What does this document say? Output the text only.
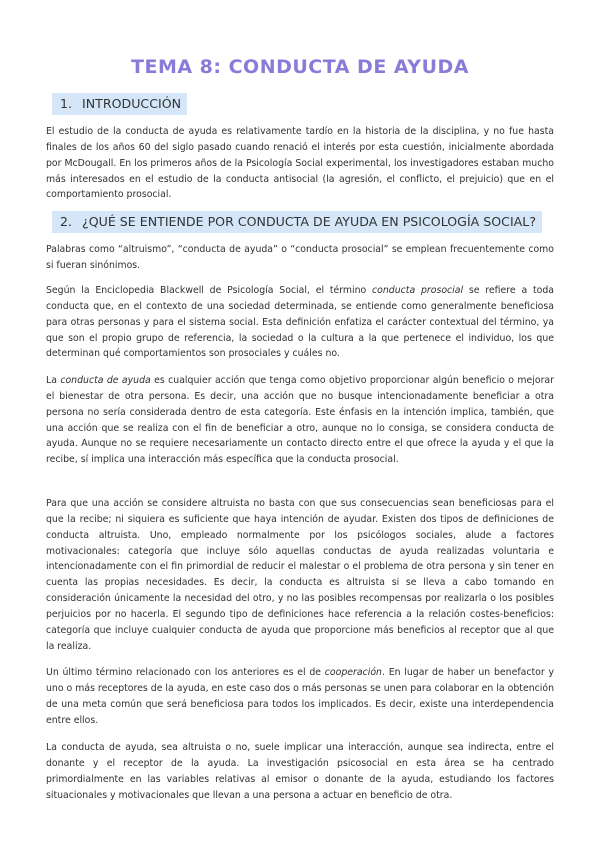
TEMA 8: CONDUCTA DE AYUDA
1. INTRODUCCIÓN

El estudio de la conducta de ayuda es relativamente tardío en la historia de la disciplina, y no fue hasta finales de los años 60 del siglo pasado cuando renació el interés por esta cuestión, inicialmente abordada por McDougall. En los primeros años de la Psicología Social experimental, los investigadores estaban mucho más interesados en el estudio de la conducta antisocial (la agresión, el conflicto, el prejuicio) que en el comportamiento prosocial.

2. ¿QUÉ SE ENTIENDE POR CONDUCTA DE AYUDA EN PSICOLOGÍA SOCIAL?

Palabras como “altruismo”, “conducta de ayuda” o “conducta prosocial” se emplean frecuentemente como si fueran sinónimos.

Según la Enciclopedia Blackwell de Psicología Social, el término conducta prosocial se refiere a toda conducta que, en el contexto de una sociedad determinada, se entiende como generalmente beneficiosa para otras personas y para el sistema social. Esta definición enfatiza el carácter contextual del término, ya que son el propio grupo de referencia, la sociedad o la cultura a la que pertenece el individuo, los que determinan qué comportamientos son prosociales y cuáles no.

La conducta de ayuda es cualquier acción que tenga como objetivo proporcionar algún beneficio o mejorar el bienestar de otra persona. Es decir, una acción que no busque intencionadamente beneficiar a otra persona no sería considerada dentro de esta categoría. Este énfasis en la intención implica, también, que una acción que se realiza con el fin de beneficiar a otro, aunque no lo consiga, se considera conducta de ayuda. Aunque no se requiere necesariamente un contacto directo entre el que ofrece la ayuda y el que la recibe, sí implica una interacción más específica que la conducta prosocial.

Para que una acción se considere altruista no basta con que sus consecuencias sean beneficiosas para el que la recibe; ni siquiera es suficiente que haya intención de ayudar. Existen dos tipos de definiciones de conducta altruista. Uno, empleado normalmente por los psicólogos sociales, alude a factores motivacionales: categoría que incluye sólo aquellas conductas de ayuda realizadas voluntaria e intencionadamente con el fin primordial de reducir el malestar o el problema de otra persona y sin tener en cuenta las propias necesidades. Es decir, la conducta es altruista si se lleva a cabo tomando en consideración únicamente la necesidad del otro, y no las posibles recompensas por realizarla o los posibles perjuicios por no hacerla. El segundo tipo de definiciones hace referencia a la relación costes-beneficios: categoría que incluye cualquier conducta de ayuda que proporcione más beneficios al receptor que al que la realiza.

Un último término relacionado con los anteriores es el de cooperación. En lugar de haber un benefactor y uno o más receptores de la ayuda, en este caso dos o más personas se unen para colaborar en la obtención de una meta común que será beneficiosa para todos los implicados. Es decir, existe una interdependencia entre ellos.

La conducta de ayuda, sea altruista o no, suele implicar una interacción, aunque sea indirecta, entre el donante y el receptor de la ayuda. La investigación psicosocial en esta área se ha centrado primordialmente en las variables relativas al emisor o donante de la ayuda, estudiando los factores situacionales y motivacionales que llevan a una persona a actuar en beneficio de otra.
